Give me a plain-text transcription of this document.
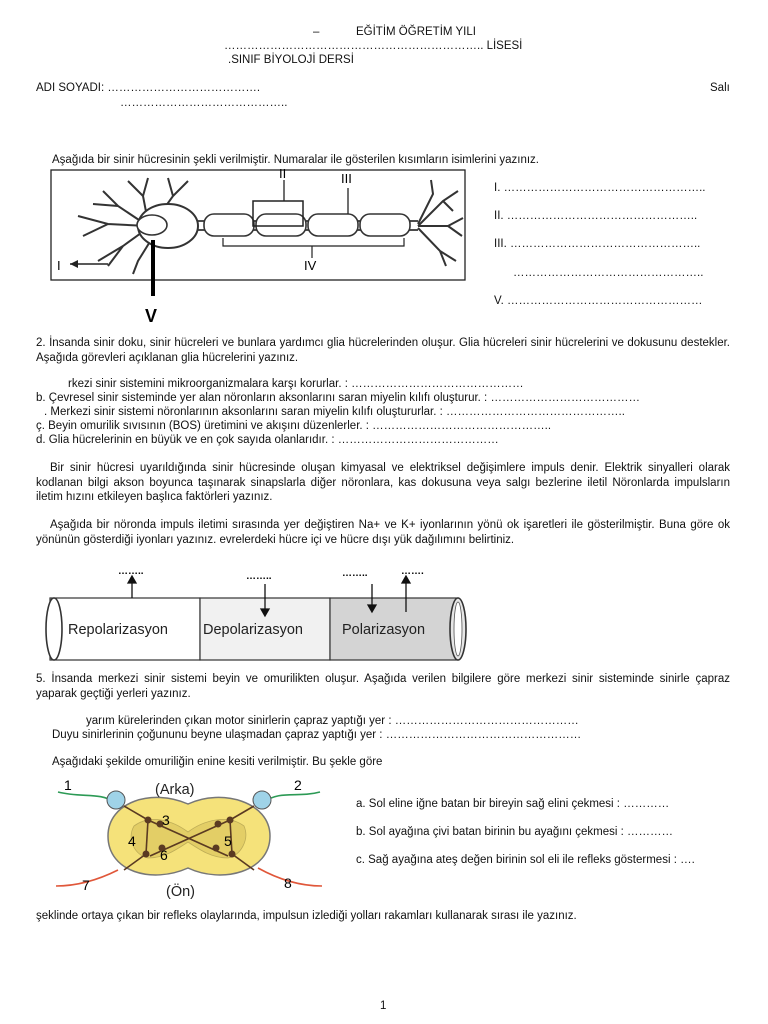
–	EĞİTİM ÖĞRETİM YILI
………………………………………………………….. LİSESİ
.SINIF BİYOLOJİ DERSİ
ADI SOYADI: ………………………………….
……………………………………..
Salı
Aşağıda bir sinir hücresinin şekli verilmiştir. Numaralar ile gösterilen kısımların isimlerini yazınız.
I
II	III
IV
V
I. ……………………………………………..
II. …………………………………………..
III. …………………………………………..
…………………………………………..
V. ……………………………………………
2. İnsanda sinir doku, sinir hücreleri ve bunlara yardımcı glia hücrelerinden oluşur. Glia hücreleri sinir hücrelerini ve dokusunu destekler. Aşağıda görevleri açıklanan glia hücrelerini yazınız.
rkezi sinir sistemini mikroorganizmalara karşı korurlar. : ………………………………………
b. Çevresel sinir sisteminde yer alan nöronların aksonlarını saran miyelin kılıfı oluşturur. : …………………………………
. Merkezi sinir sistemi nöronlarının aksonlarını saran miyelin kılıfı oluştururlar. : ………………………………………..
ç. Beyin omurilik sıvısının (BOS) üretimini ve akışını düzenlerler. : ………………………………………..
d. Glia hücrelerinin en büyük ve en çok sayıda olanlarıdır. : ……………………………………
Bir sinir hücresi uyarıldığında sinir hücresinde oluşan kimyasal ve elektriksel değişimlere impuls denir. Elektrik sinyalleri olarak kodlanan bilgi akson boyunca taşınarak sinapslarla diğer nöronlara, kas dokusuna veya salgı bezlerine iletil Nöronlarda impulsların iletim hızını etkileyen başlıca faktörleri yazınız.
Aşağıda bir nöronda impuls iletimi sırasında yer değiştiren Na+ ve K+ iyonlarının yönü ok işaretleri ile gösterilmiştir. Buna göre ok yönünün gösterdiği iyonları yazınız. evrelerdeki hücre içi ve hücre dışı yük dağılımını belirtiniz.
……..	……..	……..	…….
Repolarizasyon Depolarizasyon	Polarizasyon
5. İnsanda merkezi sinir sistemi beyin ve omurilikten oluşur. Aşağıda verilen bilgilere göre merkezi sinir sisteminde sinirle çapraz yaparak geçtiği yerleri yazınız.
yarım kürelerinden çıkan motor sinirlerin çapraz yaptığı yer : …………………………………………
Duyu sinirlerinin çoğununu beyne ulaşmadan çapraz yaptığı yer : ……………………………………………
Aşağıdaki şekilde omuriliğin enine kesiti verilmiştir. Bu şekle göre
(Arka)
(Ön)
1	2
3
4	5
6
7	8
a. Sol eline iğne batan bir bireyin sağ elini çekmesi : …………
b. Sol ayağına çivi batan birinin bu ayağını çekmesi : …………
c. Sağ ayağına ateş değen birinin sol eli ile refleks göstermesi : ….
şeklinde ortaya çıkan bir refleks olaylarında, impulsun izlediği yolları rakamları kullanarak sırası ile yazınız.
1
